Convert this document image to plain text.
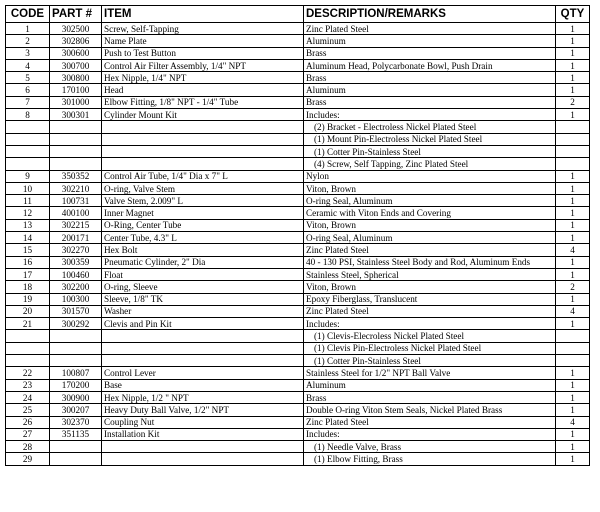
CODE	PART #	ITEM	DESCRIPTION/REMARKS	QTY
1	302500	Screw, Self-Tapping	Zinc Plated Steel	1
2	302806	Name Plate	Aluminum	1
3	300600	Push to Test Button	Brass	1
4	300700	Control Air Filter Assembly, 1/4" NPT	Aluminum Head, Polycarbonate Bowl, Push Drain	1
5	300800	Hex Nipple, 1/4" NPT	Brass	1
6	170100	Head	Aluminum	1
7	301000	Elbow Fitting, 1/8" NPT - 1/4" Tube	Brass	2
8	300301	Cylinder Mount Kit	Includes:	1
			(2) Bracket - Electroless Nickel Plated Steel	
			(1) Mount Pin-Electroless Nickel Plated Steel	
			(1) Cotter Pin-Stainless Steel	
			(4) Screw, Self Tapping, Zinc Plated Steel	
9	350352	Control Air Tube, 1/4" Dia x 7" L	Nylon	1
10	302210	O-ring, Valve Stem	Viton, Brown	1
11	100731	Valve Stem, 2.009" L	O-ring Seal, Aluminum	1
12	400100	Inner Magnet	Ceramic with Viton Ends and Covering	1
13	302215	O-Ring, Center Tube	Viton, Brown	1
14	200171	Center Tube, 4.3" L	O-ring Seal, Aluminum	1
15	302270	Hex Bolt	Zinc Plated Steel	4
16	300359	Pneumatic Cylinder, 2" Dia	40 - 130 PSI, Stainless Steel Body and Rod, Aluminum Ends	1
17	100460	Float	Stainless Steel, Spherical	1
18	302200	O-ring, Sleeve	Viton, Brown	2
19	100300	Sleeve, 1/8" TK	Epoxy Fiberglass, Translucent	1
20	301570	Washer	Zinc Plated Steel	4
21	300292	Clevis and Pin Kit	Includes:	1
			(1) Clevis-Elecroless Nickel Plated Steel	
			(1) Clevis Pin-Electroless Nickel Plated Steel	
			(1) Cotter Pin-Stainless Steel	
22	100807	Control Lever	Stainless Steel for 1/2" NPT Ball Valve	1
23	170200	Base	Aluminum	1
24	300900	Hex Nipple, 1/2 " NPT	Brass	1
25	300207	Heavy Duty Ball Valve, 1/2" NPT	Double O-ring Viton Stem Seals, Nickel Plated Brass	1
26	302370	Coupling Nut	Zinc Plated Steel	4
27	351135	Installation Kit	Includes:	1
28			(1) Needle Valve, Brass	1
29			(1) Elbow Fitting, Brass	1
